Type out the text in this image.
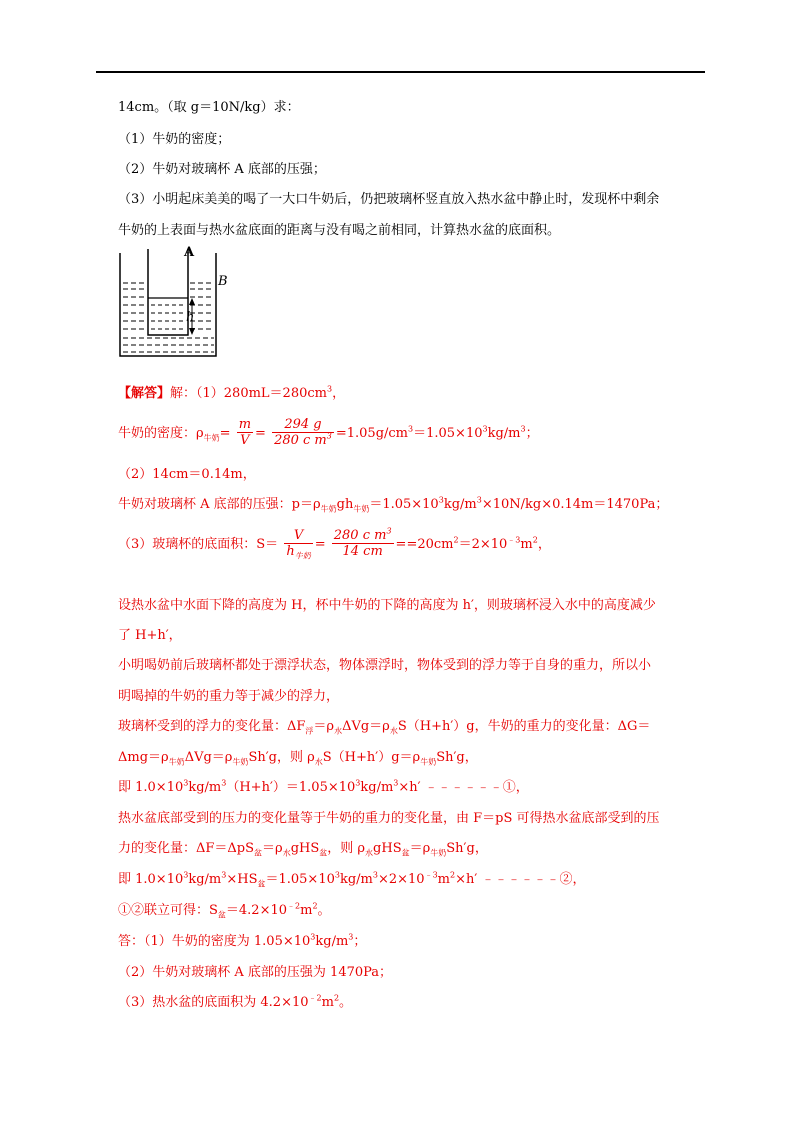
14cm。（取 g＝10N/kg）求：
（1）牛奶的密度；
（2）牛奶对玻璃杯 A 底部的压强；
（3）小明起床美美的喝了一大口牛奶后，仍把玻璃杯竖直放入热水盆中静止时，发现杯中剩余
牛奶的上表面与热水盆底面的距离与没有喝之前相同，计算热水盆的底面积。
h
A
B
【解答】解：$(1)280mL=280cm^3$，
牛奶的密度：$\rho_{牛奶}= \frac{m}{V} = \frac{294 g}{280 c m^3} =1.05g/cm^3=1.05\times 10^3kg/m^3$；
（2）14cm＝0.14m，
牛奶对玻璃杯 A 底部的压强：$p=\rho_{牛奶}gh_{牛奶}=1.05\times 10^3kg/m^3\times 10N/kg\times 0.14m=1470Pa$；
（3）玻璃杯的底面积：$S= \frac{V}{h_{牛奶}} = \frac{280 c m^3}{14 cm} ==20cm^2=2\times 10^{﹣3}m^2$，
设热水盆中水面下降的高度为 H，杯中牛奶的下降的高度为 h′，则玻璃杯浸入水中的高度减少
了 H+h′，
小明喝奶前后玻璃杯都处于漂浮状态，物体漂浮时，物体受到的浮力等于自身的重力，所以小
明喝掉的牛奶的重力等于减少的浮力，
玻璃杯受到的浮力的变化量：$\Delta F_浮=\rho_水\Delta Vg=\rho_水S(H+h')g$，牛奶的重力的变化量：ΔG＝
$\Delta mg=\rho_{牛奶}\Delta Vg=\rho_{牛奶}Sh'g$，则 $\rho_水S(H+h')g=\rho_{牛奶}Sh'g$，
即 $1.0\times 10^3kg/m^3(H+h')=1.05\times 10^3kg/m^3\times h'$ ﹣﹣﹣﹣﹣﹣①，
热水盆底部受到的压力的变化量等于牛奶的重力的变化量，由 F＝pS 可得热水盆底部受到的压
力的变化量：$\Delta F=\Delta pS_盆=\rho_水gHS_盆$，则 $\rho_水gHS_盆=\rho_{牛奶}Sh'g$，
即 $1.0\times 10^3kg/m^3\times HS_盆=1.05\times 10^3kg/m^3\times 2\times 10^{﹣3}m^2\times h'$ ﹣﹣﹣﹣﹣﹣②，
①②联立可得：$S_盆=4.2\times 10^{﹣2}m^2$。
答：（1）牛奶的密度为 $1.05\times 10^3kg/m^3$；
（2）牛奶对玻璃杯 A 底部的压强为 1470Pa；
（3）热水盆的底面积为 $4.2\times 10^{﹣2}m^2$。
